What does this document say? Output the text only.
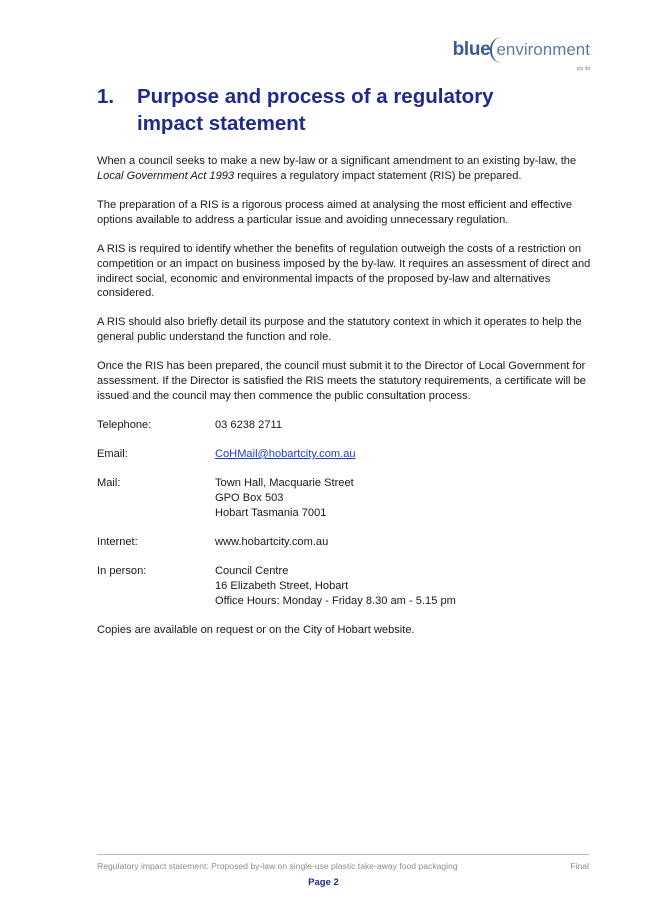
blue environment
pty ltd
1.	Purpose and process of a regulatory impact statement

When a council seeks to make a new by-law or a significant amendment to an existing by-law, the Local Government Act 1993 requires a regulatory impact statement (RIS) be prepared.

The preparation of a RIS is a rigorous process aimed at analysing the most efficient and effective options available to address a particular issue and avoiding unnecessary regulation.

A RIS is required to identify whether the benefits of regulation outweigh the costs of a restriction on competition or an impact on business imposed by the by-law. It requires an assessment of direct and indirect social, economic and environmental impacts of the proposed by-law and alternatives considered.

A RIS should also briefly detail its purpose and the statutory context in which it operates to help the general public understand the function and role.

Once the RIS has been prepared, the council must submit it to the Director of Local Government for assessment. If the Director is satisfied the RIS meets the statutory requirements, a certificate will be issued and the council may then commence the public consultation process.

Telephone:	03 6238 2711
Email:	CoHMail@hobartcity.com.au
Mail:	Town Hall, Macquarie Street
GPO Box 503
Hobart Tasmania 7001
Internet:	www.hobartcity.com.au
In person:	Council Centre
16 Elizabeth Street, Hobart
Office Hours: Monday - Friday 8.30 am - 5.15 pm

Copies are available on request or on the City of Hobart website.

Regulatory impact statement: Proposed by-law on single-use plastic take-away food packaging	Final
Page 2
